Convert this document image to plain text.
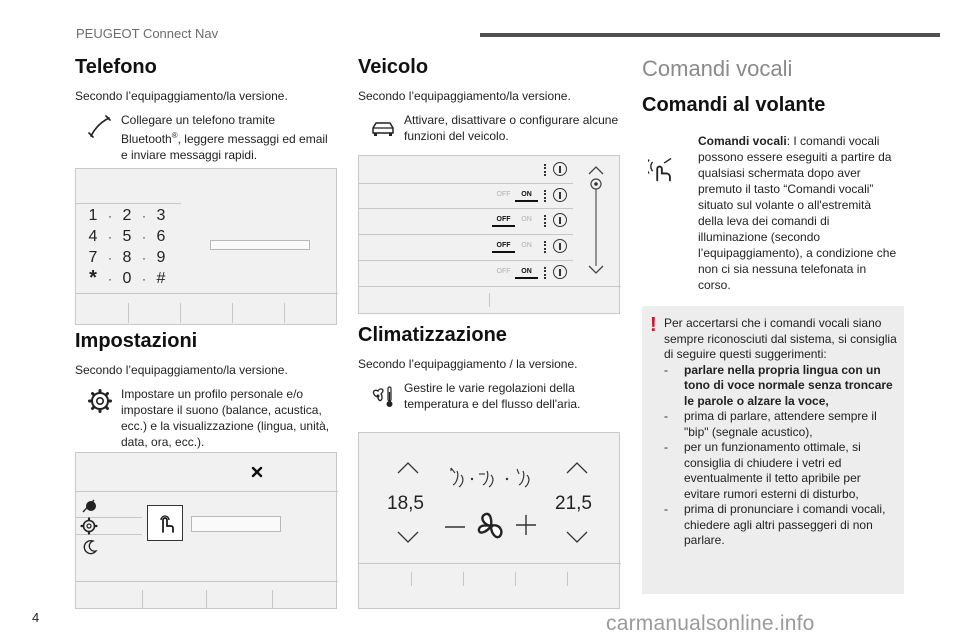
PEUGEOT Connect Nav
Telefono
Secondo l’equipaggiamento/la versione.
Collegare un telefono tramite Bluetooth®, leggere messaggi ed email e inviare messaggi rapidi.
1 · 2 · 3
4 · 5 · 6
7 · 8 · 9
* · 0 · #
Impostazioni
Secondo l’equipaggiamento/la versione.
Impostare un profilo personale e/o impostare il suono (balance, acustica, ecc.) e la visualizzazione (lingua, unità, data, ora, ecc.).
Veicolo
Secondo l’equipaggiamento/la versione.
Attivare, disattivare o configurare alcune funzioni del veicolo.
OFF	ON
OFF	ON
OFF	ON
OFF	ON
Climatizzazione
Secondo l’equipaggiamento / la versione.
Gestire le varie regolazioni della temperatura e del flusso dell'aria.
18,5	21,5
Comandi vocali
Comandi al volante
Comandi vocali: I comandi vocali possono essere eseguiti a partire da qualsiasi schermata dopo aver premuto il tasto “Comandi vocali” situato sul volante o all'estremità della leva dei comandi di illuminazione (secondo l’equipaggiamento), a condizione che non ci sia nessuna telefonata in corso.
! Per accertarsi che i comandi vocali siano sempre riconosciuti dal sistema, si consiglia di seguire questi suggerimenti:
- parlare nella propria lingua con un tono di voce normale senza troncare le parole o alzare la voce,
- prima di parlare, attendere sempre il "bip" (segnale acustico),
- per un funzionamento ottimale, si consiglia di chiudere i vetri ed eventualmente il tetto apribile per evitare rumori esterni di disturbo,
- prima di pronunciare i comandi vocali, chiedere agli altri passeggeri di non parlare.
4	carmanualsonline.info
